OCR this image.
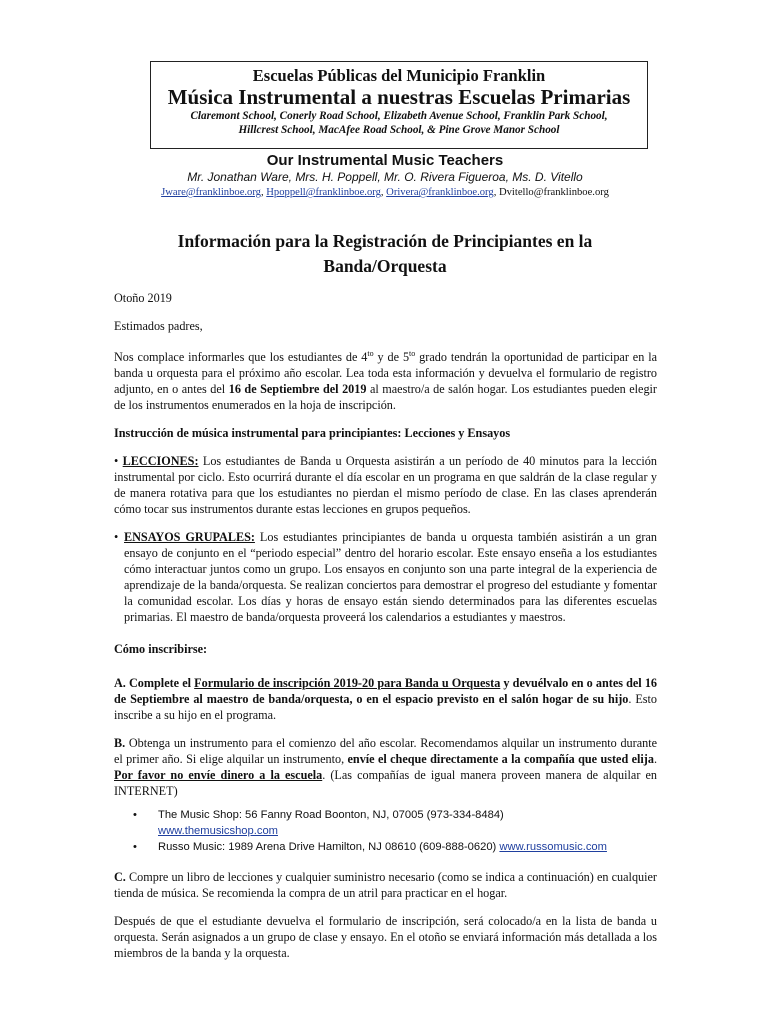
Escuelas Públicas del Municipio Franklin
Música Instrumental a nuestras Escuelas Primarias
Claremont School, Conerly Road School, Elizabeth Avenue School, Franklin Park School,
Hillcrest School, MacAfee Road School, & Pine Grove Manor School
Our Instrumental Music Teachers
Mr. Jonathan Ware, Mrs. H. Poppell, Mr. O. Rivera Figueroa, Ms. D. Vitello
Jware@franklinboe.org, Hpoppell@franklinboe.org, Orivera@franklinboe.org, Dvitello@franklinboe.org
Información para la Registración de Principiantes en la
Banda/Orquesta

Otoño 2019

Estimados padres,

Nos complace informarles que los estudiantes de $4^{to}$ y de $5^{to}$ grado tendrán la oportunidad de participar en la banda u orquesta para el próximo año escolar. Lea toda esta información y devuelva el formulario de registro adjunto, en o antes del 16 de Septiembre del 2019 al maestro/a de salón hogar. Los estudiantes pueden elegir de los instrumentos enumerados en la hoja de inscripción.

Instrucción de música instrumental para principiantes: Lecciones y Ensayos

• LECCIONES: Los estudiantes de Banda u Orquesta asistirán a un período de 40 minutos para la lección instrumental por ciclo. Esto ocurrirá durante el día escolar en un programa en que saldrán de la clase regular y de manera rotativa para que los estudiantes no pierdan el mismo período de clase. En las clases aprenderán cómo tocar sus instrumentos durante estas lecciones en grupos pequeños.

• ENSAYOS GRUPALES: Los estudiantes principiantes de banda u orquesta también asistirán a un gran ensayo de conjunto en el “periodo especial” dentro del horario escolar. Este ensayo enseña a los estudiantes cómo interactuar juntos como un grupo. Los ensayos en conjunto son una parte integral de la experiencia de aprendizaje de la banda/orquesta. Se realizan conciertos para demostrar el progreso del estudiante y fomentar la comunidad escolar. Los días y horas de ensayo están siendo determinados para las diferentes escuelas primarias. El maestro de banda/orquesta proveerá los calendarios a estudiantes y maestros.

Cómo inscribirse:

A. Complete el Formulario de inscripción 2019-20 para Banda u Orquesta y devuélvalo en o antes del 16 de Septiembre al maestro de banda/orquesta, o en el espacio previsto en el salón hogar de su hijo. Esto inscribe a su hijo en el programa.

B. Obtenga un instrumento para el comienzo del año escolar. Recomendamos alquilar un instrumento durante el primer año. Si elige alquilar un instrumento, envíe el cheque directamente a la compañía que usted elija. Por favor no envíe dinero a la escuela. (Las compañías de igual manera proveen manera de alquilar en INTERNET)

• The Music Shop: 56 Fanny Road Boonton, NJ, 07005 (973-334-8484)
www.themusicshop.com
• Russo Music: 1989 Arena Drive Hamilton, NJ 08610 (609-888-0620) www.russomusic.com

C. Compre un libro de lecciones y cualquier suministro necesario (como se indica a continuación) en cualquier tienda de música. Se recomienda la compra de un atril para practicar en el hogar.

Después de que el estudiante devuelva el formulario de inscripción, será colocado/a en la lista de banda u orquesta. Serán asignados a un grupo de clase y ensayo. En el otoño se enviará información más detallada a los miembros de la banda y la orquesta.
